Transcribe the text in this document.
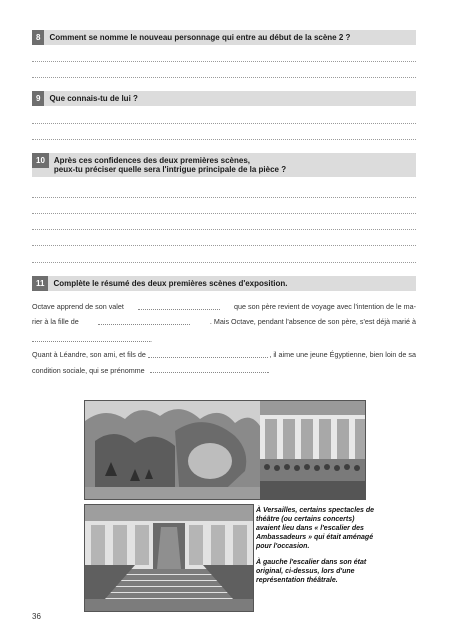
8	Comment se nomme le nouveau personnage qui entre au début de la scène 2 ?
9	Que connais-tu de lui ?
10	Après ces confidences des deux premières scènes,
peux-tu préciser quelle sera l'intrigue principale de la pièce ?
11	Complète le résumé des deux premières scènes d'exposition.
Octave apprend de son valet	que son père revient de voyage avec l'intention de le ma-
rier à la fille de	. Mais Octave, pendant l'absence de son père, s'est déjà marié à
.
Quant à Léandre, son ami, et fils de	, il aime une jeune Égyptienne, bien loin de sa
condition sociale, qui se prénomme	.
À Versailles, certains spectacles de théâtre (ou certains concerts) avaient lieu dans « l'escalier des Ambassadeurs » qui était aménagé pour l'occasion.
À gauche l'escalier dans son état original, ci-dessus, lors d'une représentation théâtrale.
36
